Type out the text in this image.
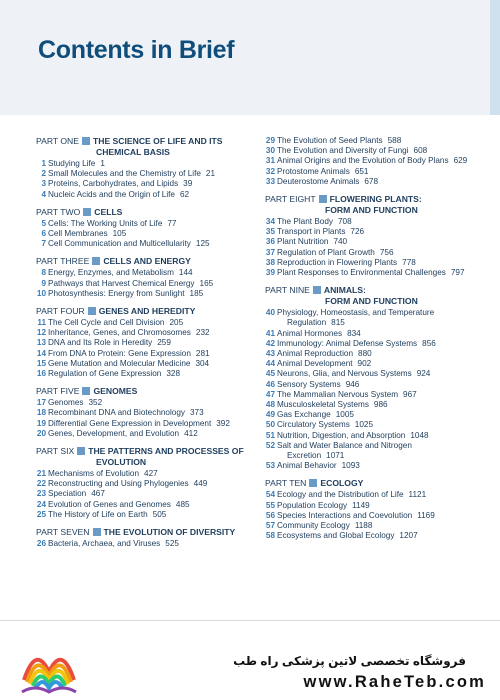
Contents in Brief
PART ONE THE SCIENCE OF LIFE AND ITS
CHEMICAL BASIS
1 Studying Life 1
2 Small Molecules and the Chemistry of Life 21
3 Proteins, Carbohydrates, and Lipids 39
4 Nucleic Acids and the Origin of Life 62
PART TWO CELLS
5 Cells: The Working Units of Life 77
6 Cell Membranes 105
7 Cell Communication and Multicellularity 125
PART THREE CELLS AND ENERGY
8 Energy, Enzymes, and Metabolism 144
9 Pathways that Harvest Chemical Energy 165
10 Photosynthesis: Energy from Sunlight 185
PART FOUR GENES AND HEREDITY
11 The Cell Cycle and Cell Division 205
12 Inheritance, Genes, and Chromosomes 232
13 DNA and Its Role in Heredity 259
14 From DNA to Protein: Gene Expression 281
15 Gene Mutation and Molecular Medicine 304
16 Regulation of Gene Expression 328
PART FIVE GENOMES
17 Genomes 352
18 Recombinant DNA and Biotechnology 373
19 Differential Gene Expression in Development 392
20 Genes, Development, and Evolution 412
PART SIX THE PATTERNS AND PROCESSES OF
EVOLUTION
21 Mechanisms of Evolution 427
22 Reconstructing and Using Phylogenies 449
23 Speciation 467
24 Evolution of Genes and Genomes 485
25 The History of Life on Earth 505
PART SEVEN THE EVOLUTION OF DIVERSITY
26 Bacteria, Archaea, and Viruses 525
29 The Evolution of Seed Plants 588
30 The Evolution and Diversity of Fungi 608
31 Animal Origins and the Evolution of Body Plans 629
32 Protostome Animals 651
33 Deuterostome Animals 678
PART EIGHT FLOWERING PLANTS:
FORM AND FUNCTION
34 The Plant Body 708
35 Transport in Plants 726
36 Plant Nutrition 740
37 Regulation of Plant Growth 756
38 Reproduction in Flowering Plants 778
39 Plant Responses to Environmental Challenges 797
PART NINE ANIMALS:
FORM AND FUNCTION
40 Physiology, Homeostasis, and Temperature
Regulation 815
41 Animal Hormones 834
42 Immunology: Animal Defense Systems 856
43 Animal Reproduction 880
44 Animal Development 902
45 Neurons, Glia, and Nervous Systems 924
46 Sensory Systems 946
47 The Mammalian Nervous System 967
48 Musculoskeletal Systems 986
49 Gas Exchange 1005
50 Circulatory Systems 1025
51 Nutrition, Digestion, and Absorption 1048
52 Salt and Water Balance and Nitrogen
Excretion 1071
53 Animal Behavior 1093
PART TEN ECOLOGY
54 Ecology and the Distribution of Life 1121
55 Population Ecology 1149
56 Species Interactions and Coevolution 1169
57 Community Ecology 1188
58 Ecosystems and Global Ecology 1207
فروشگاه تخصصی لاتین پزشکی راه طب
www.RaheTeb.com
